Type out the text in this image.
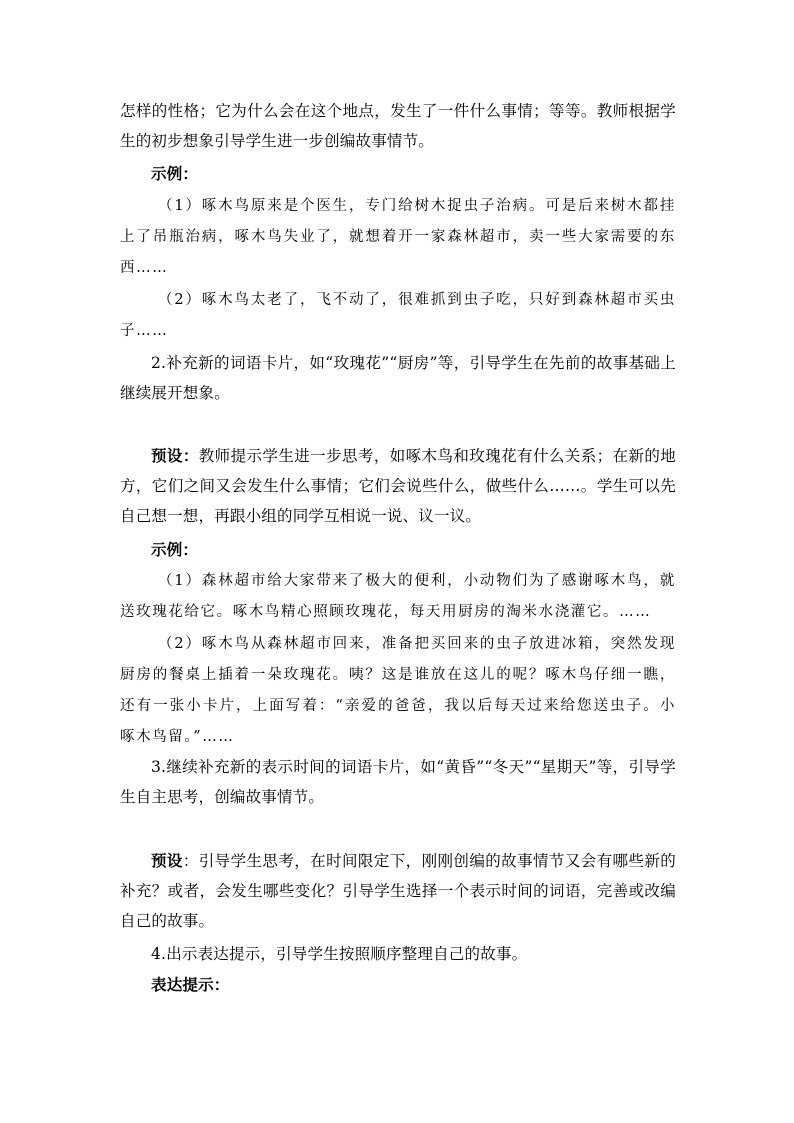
怎样的性格；它为什么会在这个地点，发生了一件什么事情；等等。教师根据学生的初步想象引导学生进一步创编故事情节。

示例：

（1）啄木鸟原来是个医生，专门给树木捉虫子治病。可是后来树木都挂上了吊瓶治病，啄木鸟失业了，就想着开一家森林超市，卖一些大家需要的东西……

（2）啄木鸟太老了，飞不动了，很难抓到虫子吃，只好到森林超市买虫子……

2.补充新的词语卡片，如“玫瑰花”“厨房”等，引导学生在先前的故事基础上继续展开想象。

预设：教师提示学生进一步思考，如啄木鸟和玫瑰花有什么关系；在新的地方，它们之间又会发生什么事情；它们会说些什么，做些什么……。学生可以先自己想一想，再跟小组的同学互相说一说、议一议。

示例：

（1）森林超市给大家带来了极大的便利，小动物们为了感谢啄木鸟，就送玫瑰花给它。啄木鸟精心照顾玫瑰花，每天用厨房的淘米水浇灌它。……

（2）啄木鸟从森林超市回来，准备把买回来的虫子放进冰箱，突然发现厨房的餐桌上插着一朵玫瑰花。咦？这是谁放在这儿的呢？啄木鸟仔细一瞧，还有一张小卡片，上面写着：“亲爱的爸爸，我以后每天过来给您送虫子。小啄木鸟留。”……

3.继续补充新的表示时间的词语卡片，如“黄昏”“冬天”“星期天”等，引导学生自主思考，创编故事情节。

预设：引导学生思考，在时间限定下，刚刚创编的故事情节又会有哪些新的补充？或者，会发生哪些变化？引导学生选择一个表示时间的词语，完善或改编自己的故事。

4.出示表达提示，引导学生按照顺序整理自己的故事。

表达提示：
